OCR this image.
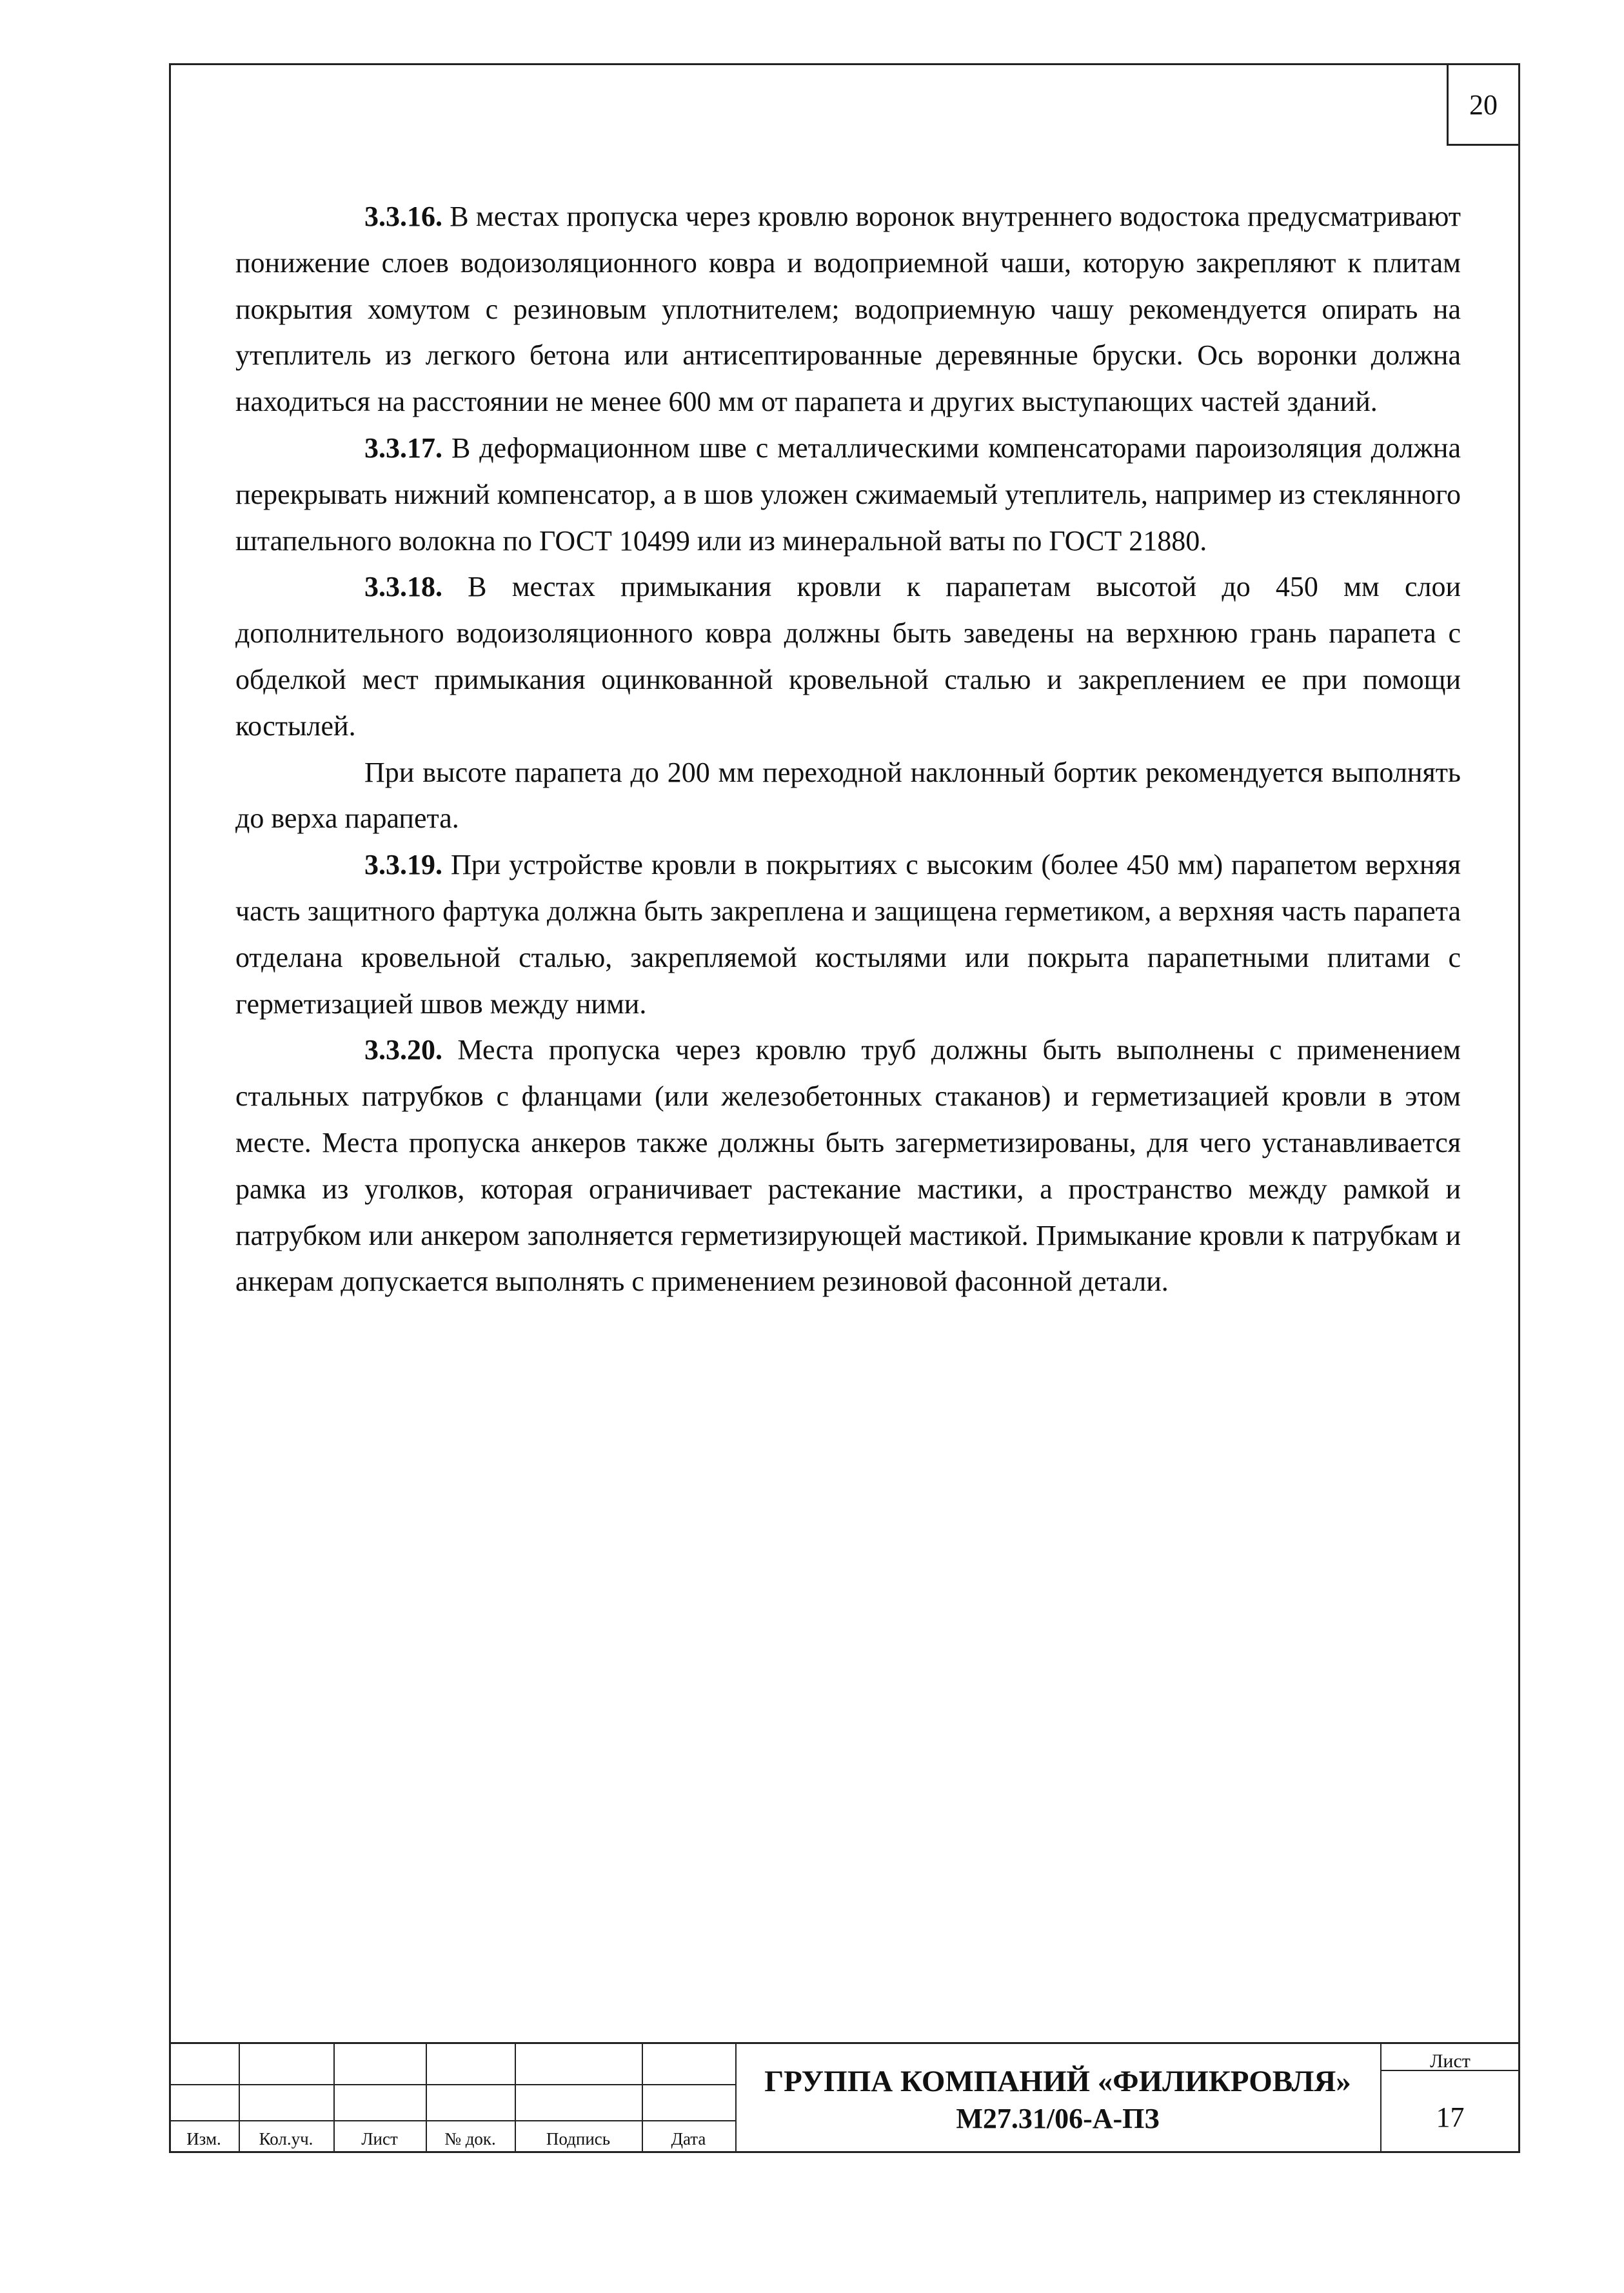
20

3.3.16. В местах пропуска через кровлю воронок внутреннего водостока предусматривают понижение слоев водоизоляционного ковра и водоприемной чаши, которую закрепляют к плитам покрытия хомутом с резиновым уплотнителем; водоприемную чашу рекомендуется опирать на утеплитель из легкого бетона или антисептированные деревянные бруски. Ось воронки должна находиться на расстоянии не менее 600 мм от парапета и других выступающих частей зданий.

3.3.17. В деформационном шве с металлическими компенсаторами пароизоляция должна перекрывать нижний компенсатор, а в шов уложен сжимаемый утеплитель, например из стеклянного штапельного волокна по ГОСТ 10499 или из минеральной ваты по ГОСТ 21880.

3.3.18. В местах примыкания кровли к парапетам высотой до 450 мм слои дополнительного водоизоляционного ковра должны быть заведены на верхнюю грань парапета с обделкой мест примыкания оцинкованной кровельной сталью и закреплением ее при помощи костылей.

При высоте парапета до 200 мм переходной наклонный бортик рекомендуется выполнять до верха парапета.

3.3.19. При устройстве кровли в покрытиях с высоким (более 450 мм) парапетом верхняя часть защитного фартука должна быть закреплена и защищена герметиком, а верхняя часть парапета отделана кровельной сталью, закрепляемой костылями или покрыта парапетными плитами с герметизацией швов между ними.

3.3.20. Места пропуска через кровлю труб должны быть выполнены с применением стальных патрубков с фланцами (или железобетонных стаканов) и герметизацией кровли в этом месте. Места пропуска анкеров также должны быть загерметизированы, для чего устанавливается рамка из уголков, которая ограничивает растекание мастики, а пространство между рамкой и патрубком или анкером заполняется герметизирующей мастикой. Примыкание кровли к патрубкам и анкерам допускается выполнять с применением резиновой фасонной детали.

Изм.	Кол.уч.	Лист	№ док.	Подпись	Дата
ГРУППА КОМПАНИЙ «ФИЛИКРОВЛЯ»
М27.31/06-А-ПЗ
Лист
17
